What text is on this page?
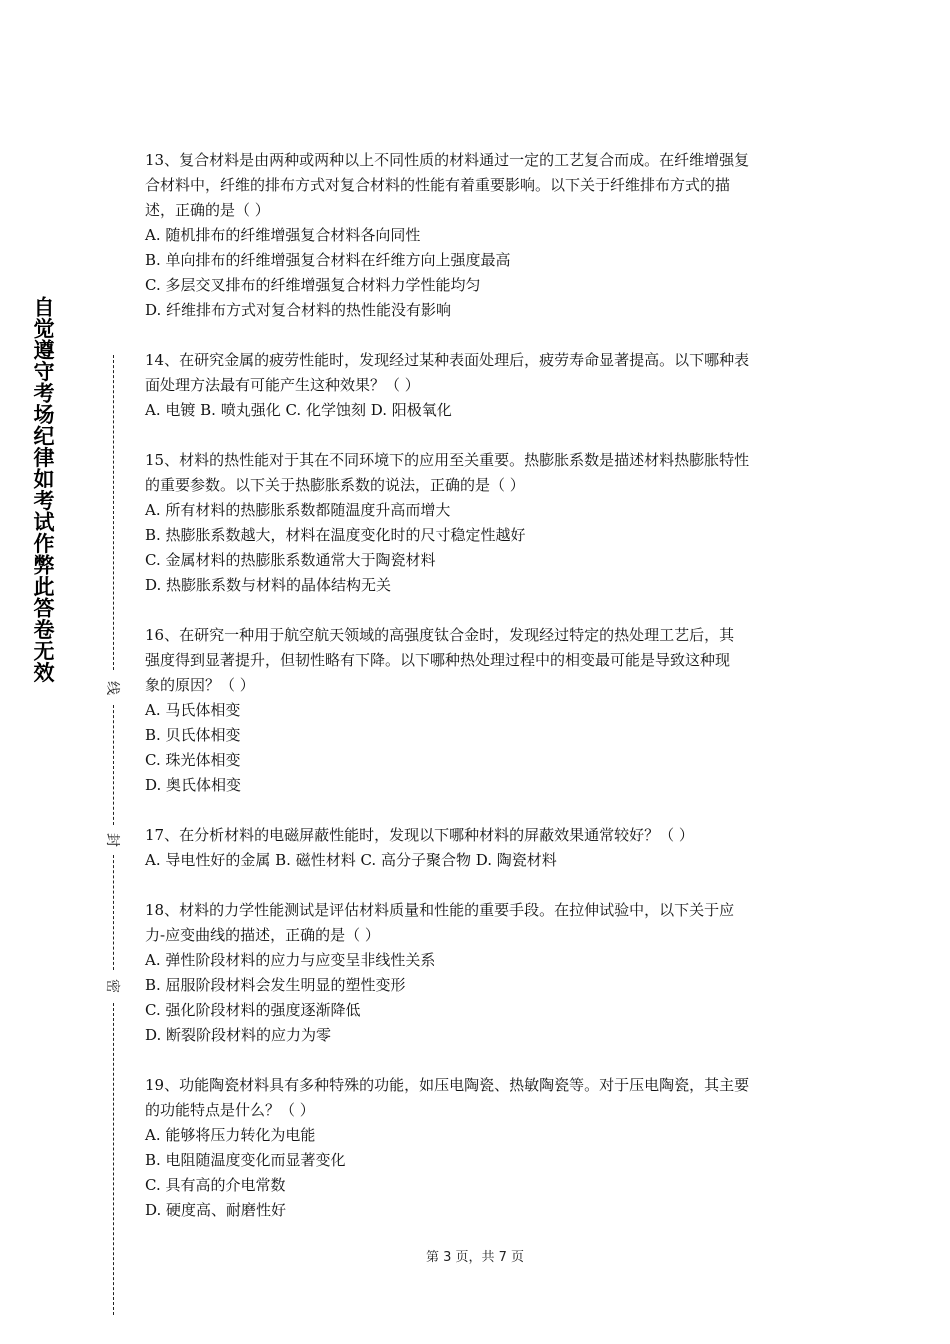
自觉遵守考场纪律如考试作弊此答卷无效
线
封
密
13、复合材料是由两种或两种以上不同性质的材料通过一定的工艺复合而成。在纤维增强复
合材料中，纤维的排布方式对复合材料的性能有着重要影响。以下关于纤维排布方式的描
述，正确的是（ ）
A. 随机排布的纤维增强复合材料各向同性
B. 单向排布的纤维增强复合材料在纤维方向上强度最高
C. 多层交叉排布的纤维增强复合材料力学性能均匀
D. 纤维排布方式对复合材料的热性能没有影响
14、在研究金属的疲劳性能时，发现经过某种表面处理后，疲劳寿命显著提高。以下哪种表
面处理方法最有可能产生这种效果？（ ）
A. 电镀 B. 喷丸强化 C. 化学蚀刻 D. 阳极氧化
15、材料的热性能对于其在不同环境下的应用至关重要。热膨胀系数是描述材料热膨胀特性
的重要参数。以下关于热膨胀系数的说法，正确的是（ ）
A. 所有材料的热膨胀系数都随温度升高而增大
B. 热膨胀系数越大，材料在温度变化时的尺寸稳定性越好
C. 金属材料的热膨胀系数通常大于陶瓷材料
D. 热膨胀系数与材料的晶体结构无关
16、在研究一种用于航空航天领域的高强度钛合金时，发现经过特定的热处理工艺后，其
强度得到显著提升，但韧性略有下降。以下哪种热处理过程中的相变最可能是导致这种现
象的原因？（ ）
A. 马氏体相变
B. 贝氏体相变
C. 珠光体相变
D. 奥氏体相变
17、在分析材料的电磁屏蔽性能时，发现以下哪种材料的屏蔽效果通常较好？（ ）
A. 导电性好的金属 B. 磁性材料 C. 高分子聚合物 D. 陶瓷材料
18、材料的力学性能测试是评估材料质量和性能的重要手段。在拉伸试验中，以下关于应
力-应变曲线的描述，正确的是（ ）
A. 弹性阶段材料的应力与应变呈非线性关系
B. 屈服阶段材料会发生明显的塑性变形
C. 强化阶段材料的强度逐渐降低
D. 断裂阶段材料的应力为零
19、功能陶瓷材料具有多种特殊的功能，如压电陶瓷、热敏陶瓷等。对于压电陶瓷，其主要
的功能特点是什么？（ ）
A. 能够将压力转化为电能
B. 电阻随温度变化而显著变化
C. 具有高的介电常数
D. 硬度高、耐磨性好
第 3 页，共 7 页
